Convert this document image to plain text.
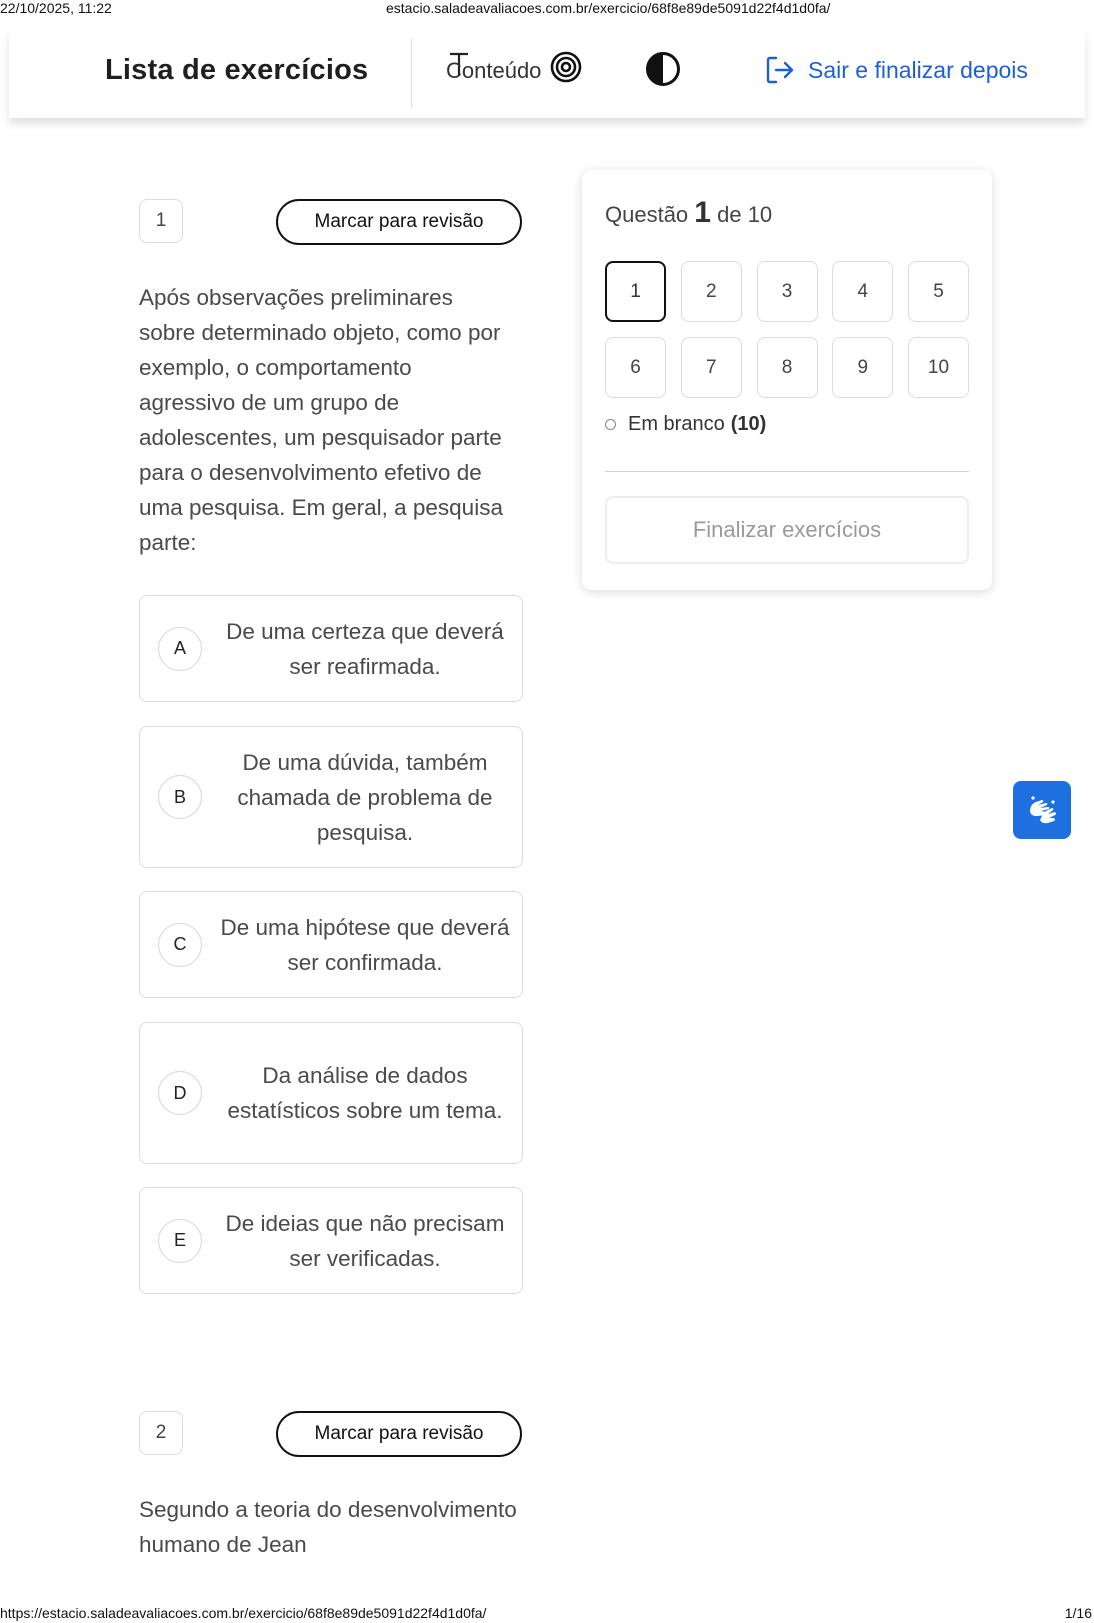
22/10/2025, 11:22	estacio.saladeavaliacoes.com.br/exercicio/68f8e89de5091d22f4d1d0fa/
Lista de exercícios	Conteúdo	Sair e finalizar depois
1	Marcar para revisão
Após observações preliminares sobre determinado objeto, como por exemplo, o comportamento agressivo de um grupo de adolescentes, um pesquisador parte para o desenvolvimento efetivo de uma pesquisa. Em geral, a pesquisa parte:
A
De uma certeza que deverá ser reafirmada.
B
De uma dúvida, também chamada de problema de pesquisa.
C
De uma hipótese que deverá ser confirmada.
D
Da análise de dados estatísticos sobre um tema.
E
De ideias que não precisam ser verificadas.
2	Marcar para revisão
Segundo a teoria do desenvolvimento humano de Jean
Questão 1 de 10
1	2	3	4	5
6	7	8	9	10
Em branco (10)
Finalizar exercícios
https://estacio.saladeavaliacoes.com.br/exercicio/68f8e89de5091d22f4d1d0fa/	1/16
